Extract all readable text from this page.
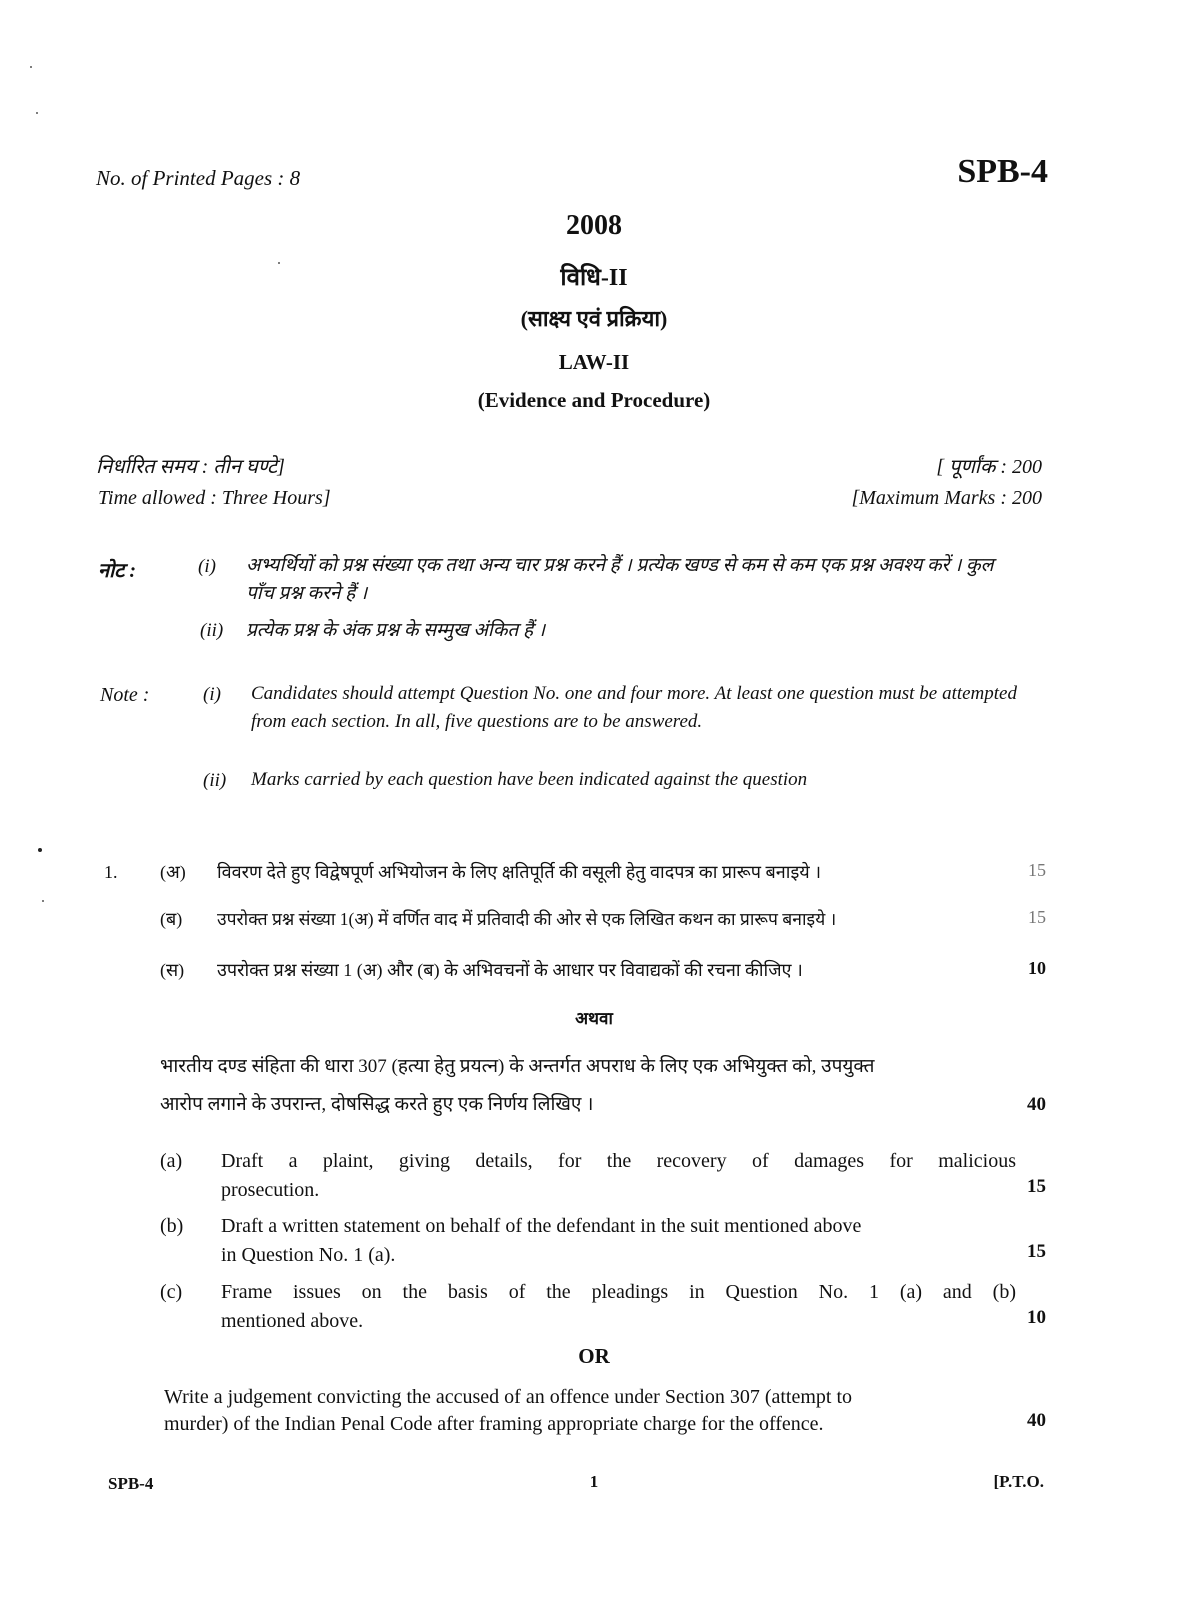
No. of Printed Pages : 8	SPB-4
2008
विधि-II
(साक्ष्य एवं प्रक्रिया)
LAW-II
(Evidence and Procedure)
निर्धारित समय : तीन घण्टे]	[ पूर्णांक : 200
Time allowed : Three Hours]	[Maximum Marks : 200
नोट :	(i) अभ्यर्थियों को प्रश्न संख्या एक तथा अन्य चार प्रश्न करने हैं । प्रत्येक खण्ड से कम से कम एक प्रश्न अवश्य करें । कुल पाँच प्रश्न करने हैं ।
(ii) प्रत्येक प्रश्न के अंक प्रश्न के सम्मुख अंकित हैं ।
Note :	(i) Candidates should attempt Question No. one and four more. At least one question must be attempted from each section. In all, five questions are to be answered.
(ii) Marks carried by each question have been indicated against the question
1. (अ) विवरण देते हुए विद्वेषपूर्ण अभियोजन के लिए क्षतिपूर्ति की वसूली हेतु वादपत्र का प्रारूप बनाइये ।	15
(ब) उपरोक्त प्रश्न संख्या 1(अ) में वर्णित वाद में प्रतिवादी की ओर से एक लिखित कथन का प्रारूप बनाइये ।	15
(स) उपरोक्त प्रश्न संख्या 1 (अ) और (ब) के अभिवचनों के आधार पर विवाद्यकों की रचना कीजिए ।	10
अथवा
भारतीय दण्ड संहिता की धारा 307 (हत्या हेतु प्रयत्न) के अन्तर्गत अपराध के लिए एक अभियुक्त को, उपयुक्त
आरोप लगाने के उपरान्त, दोषसिद्ध करते हुए एक निर्णय लिखिए ।	40
(a) Draft a plaint, giving details, for the recovery of damages for malicious
prosecution.	15
(b) Draft a written statement on behalf of the defendant in the suit mentioned above
in Question No. 1 (a).	15
(c) Frame issues on the basis of the pleadings in Question No. 1 (a) and (b)
mentioned above.	10
OR
Write a judgement convicting the accused of an offence under Section 307 (attempt to
murder) of the Indian Penal Code after framing appropriate charge for the offence.	40
SPB-4	1	[P.T.O.
